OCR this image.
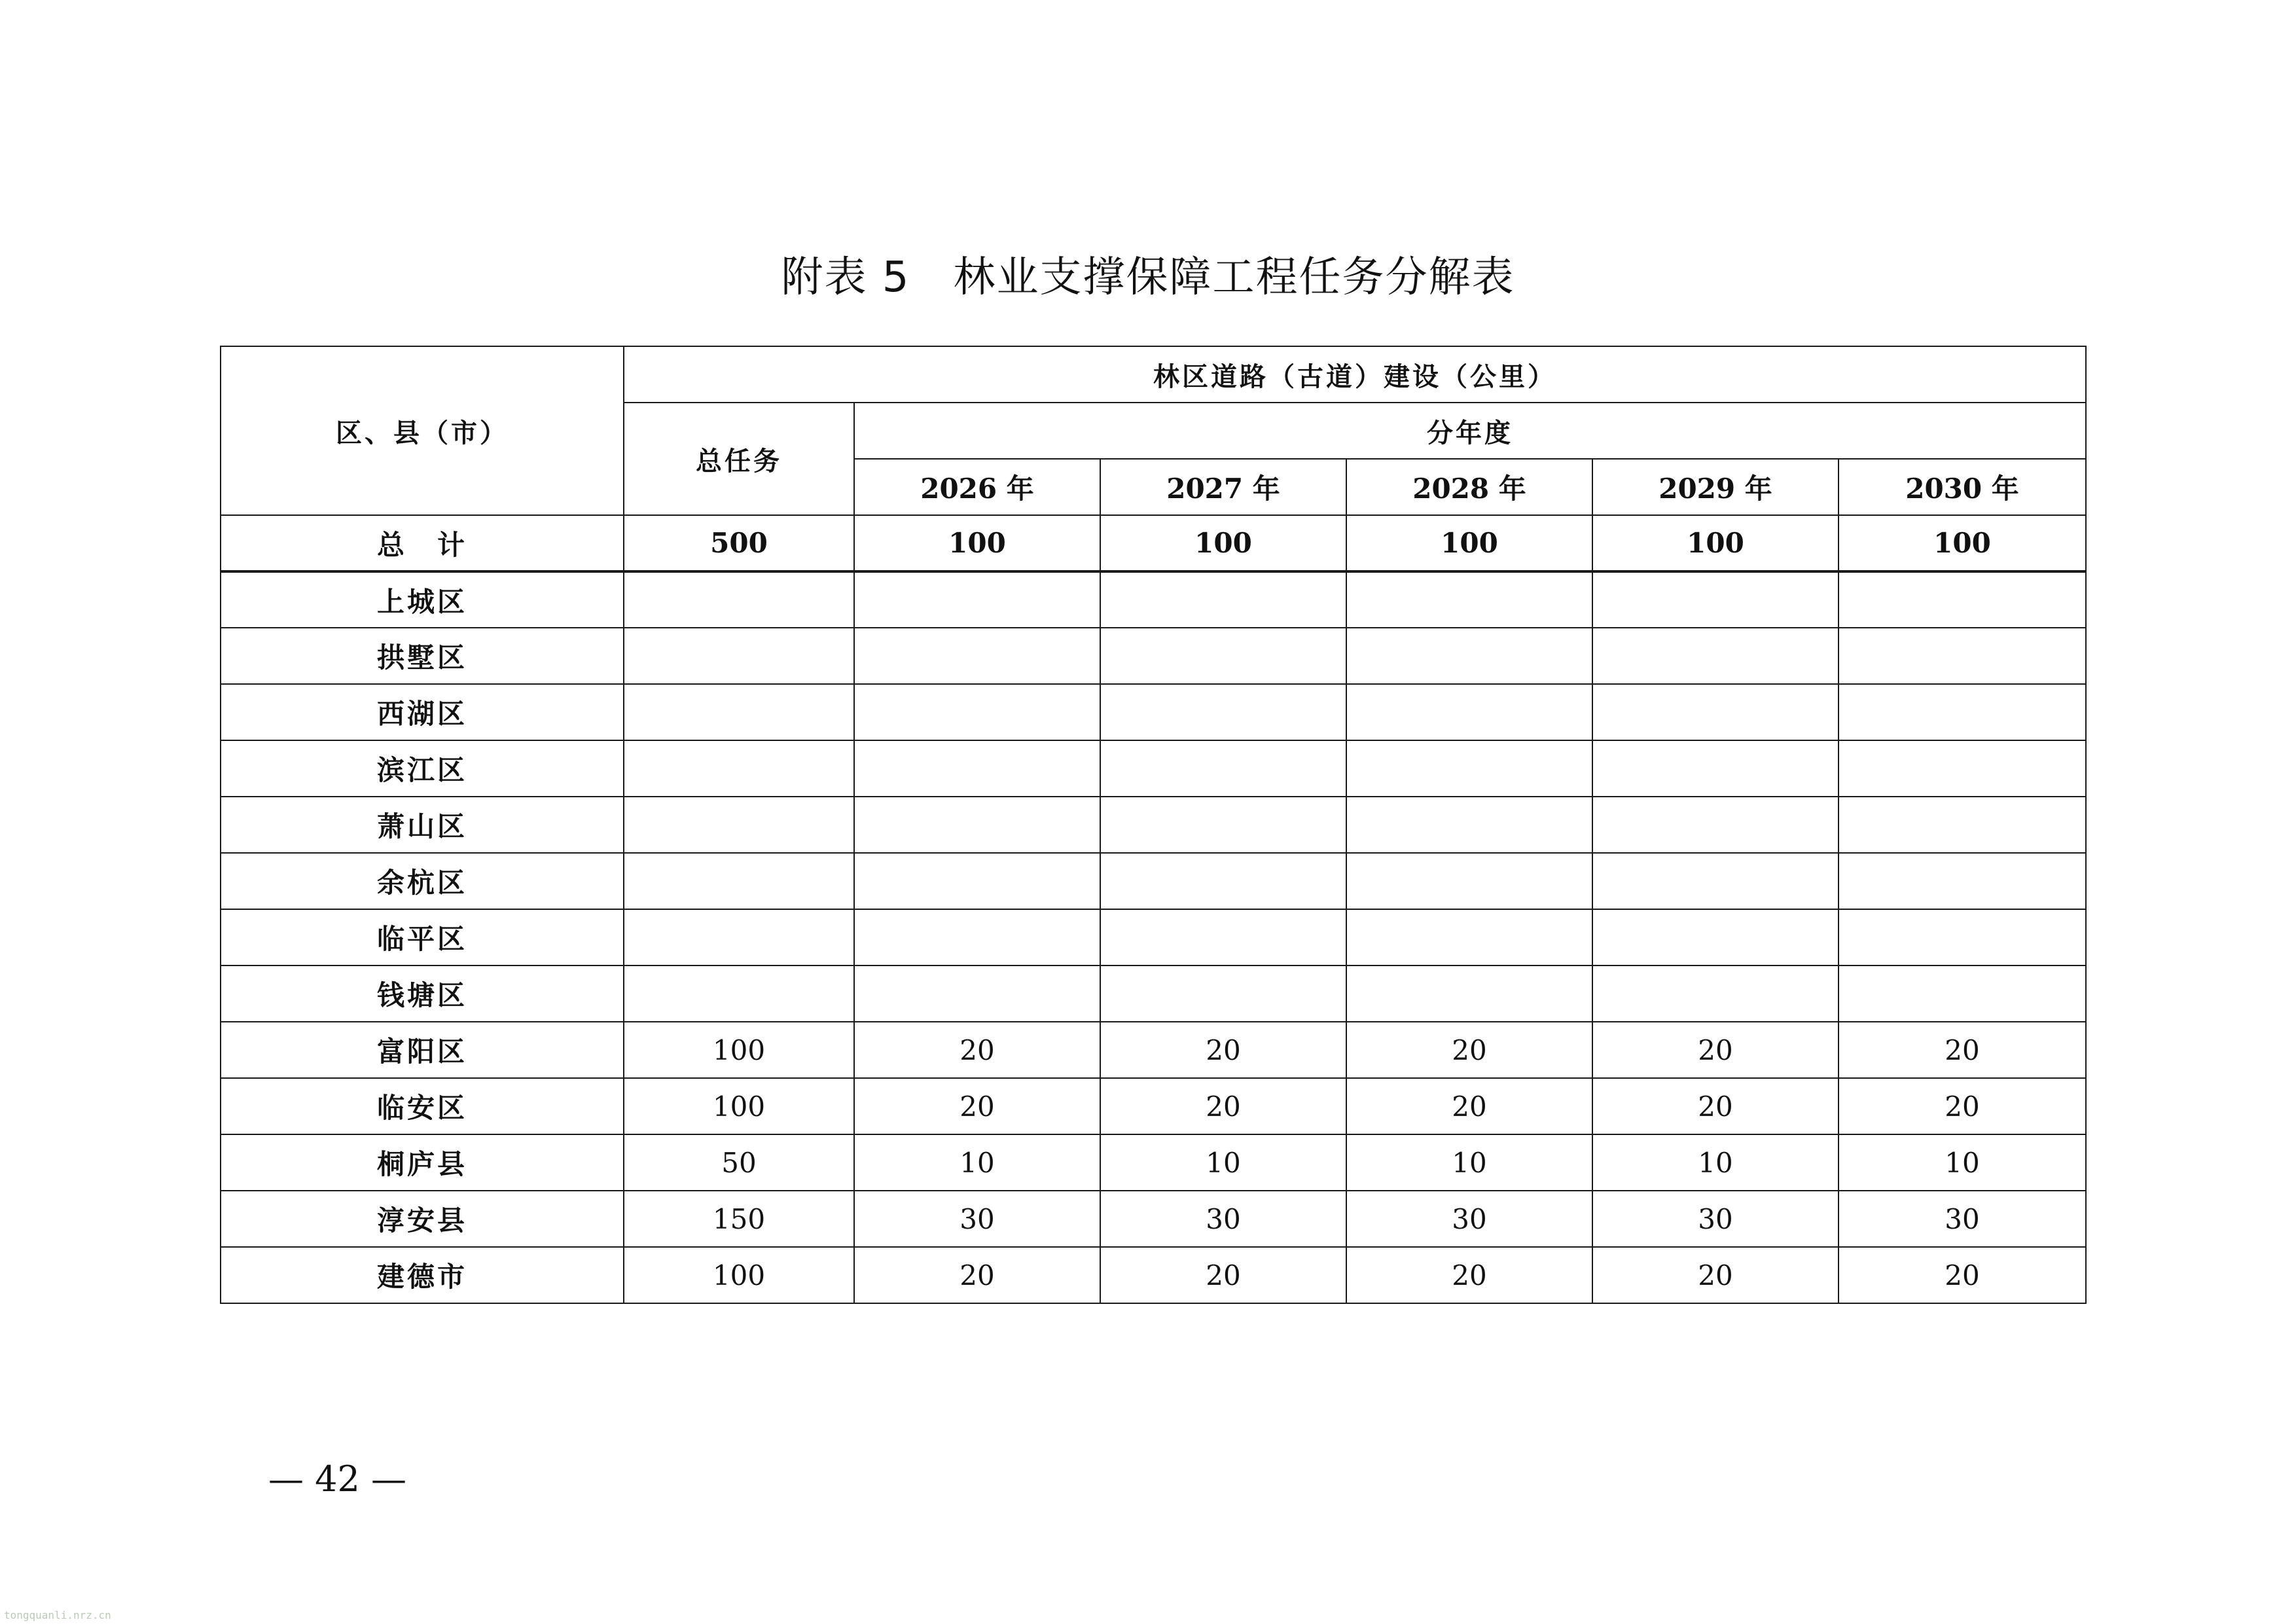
附表 5　林业支撑保障工程任务分解表
区、县（市）	林区道路（古道）建设（公里）					
	总任务	分年度				
		2026 年	2027 年	2028 年	2029 年	2030 年
总　计	500	100	100	100	100	100
上城区						
拱墅区						
西湖区						
滨江区						
萧山区						
余杭区						
临平区						
钱塘区						
富阳区	100	20	20	20	20	20
临安区	100	20	20	20	20	20
桐庐县	50	10	10	10	10	10
淳安县	150	30	30	30	30	30
建德市	100	20	20	20	20	20
— 42 —
tongquanli.nrz.cn
